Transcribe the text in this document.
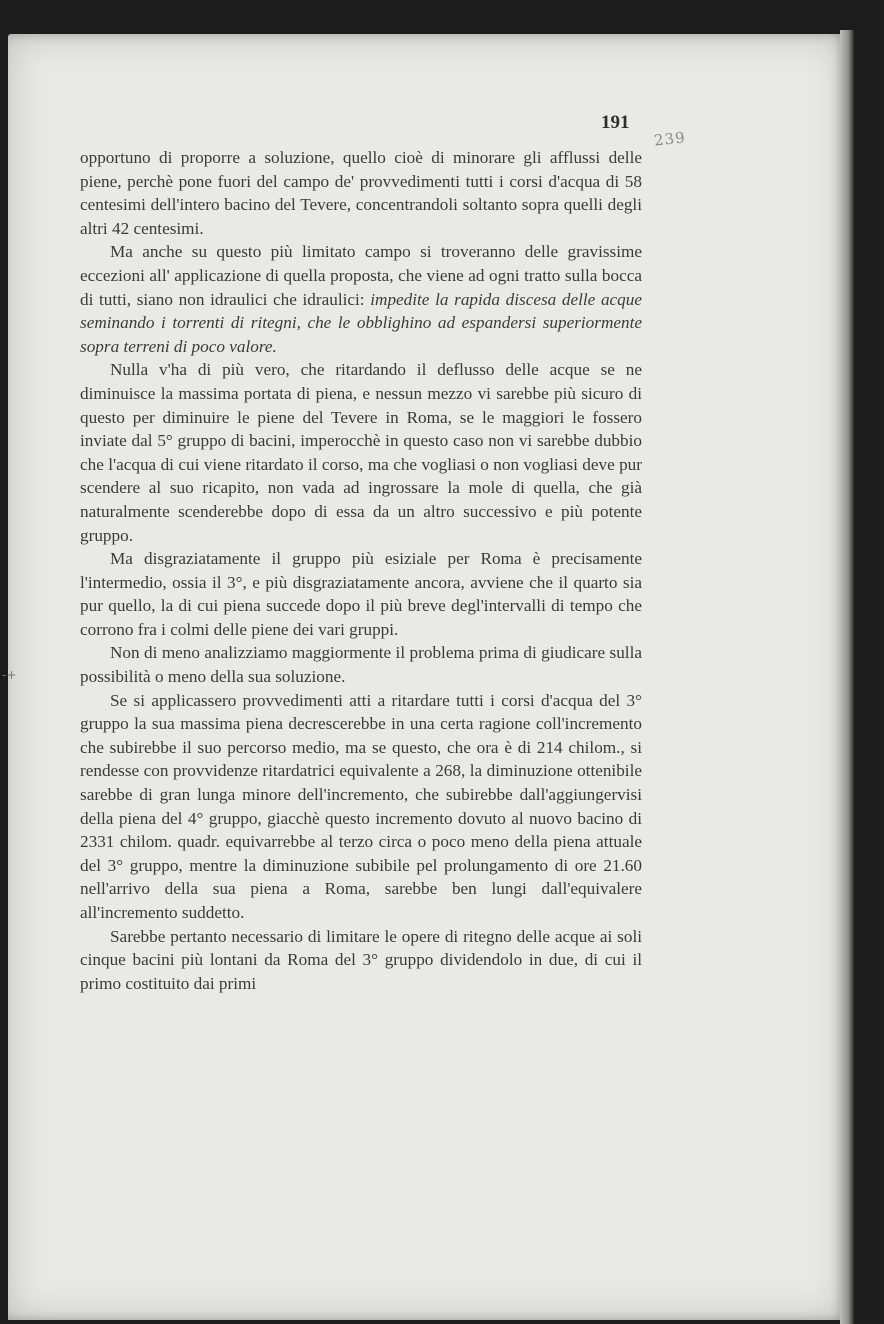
191
239
-+

opportuno di proporre a soluzione, quello cioè di minorare gli afflussi delle piene, perchè pone fuori del campo de' provvedimenti tutti i corsi d'acqua di 58 centesimi dell'intero bacino del Tevere, concentrandoli soltanto sopra quelli degli altri 42 centesimi.

Ma anche su questo più limitato campo si troveranno delle gravissime eccezioni all' applicazione di quella proposta, che viene ad ogni tratto sulla bocca di tutti, siano non idraulici che idraulici: impedite la rapida discesa delle acque seminando i torrenti di ritegni, che le obblighino ad espandersi superiormente sopra terreni di poco valore.

Nulla v'ha di più vero, che ritardando il deflusso delle acque se ne diminuisce la massima portata di piena, e nessun mezzo vi sarebbe più sicuro di questo per diminuire le piene del Tevere in Roma, se le maggiori le fossero inviate dal 5° gruppo di bacini, imperocchè in questo caso non vi sarebbe dubbio che l'acqua di cui viene ritardato il corso, ma che vogliasi o non vogliasi deve pur scendere al suo ricapito, non vada ad ingrossare la mole di quella, che già naturalmente scenderebbe dopo di essa da un altro successivo e più potente gruppo.

Ma disgraziatamente il gruppo più esiziale per Roma è precisamente l'intermedio, ossia il 3°, e più disgraziatamente ancora, avviene che il quarto sia pur quello, la di cui piena succede dopo il più breve degl'intervalli di tempo che corrono fra i colmi delle piene dei vari gruppi.

Non di meno analizziamo maggiormente il problema prima di giudicare sulla possibilità o meno della sua soluzione.

Se si applicassero provvedimenti atti a ritardare tutti i corsi d'acqua del 3° gruppo la sua massima piena decrescerebbe in una certa ragione coll'incremento che subirebbe il suo percorso medio, ma se questo, che ora è di 214 chilom., si rendesse con provvidenze ritardatrici equivalente a 268, la diminuzione ottenibile sarebbe di gran lunga minore dell'incremento, che subirebbe dall'aggiungervisi della piena del 4° gruppo, giacchè questo incremento dovuto al nuovo bacino di 2331 chilom. quadr. equivarrebbe al terzo circa o poco meno della piena attuale del 3° gruppo, mentre la diminuzione subibile pel prolungamento di ore 21.60 nell'arrivo della sua piena a Roma, sarebbe ben lungi dall'equivalere all'incremento suddetto.

Sarebbe pertanto necessario di limitare le opere di ritegno delle acque ai soli cinque bacini più lontani da Roma del 3° gruppo dividendolo in due, di cui il primo costituito dai primi
